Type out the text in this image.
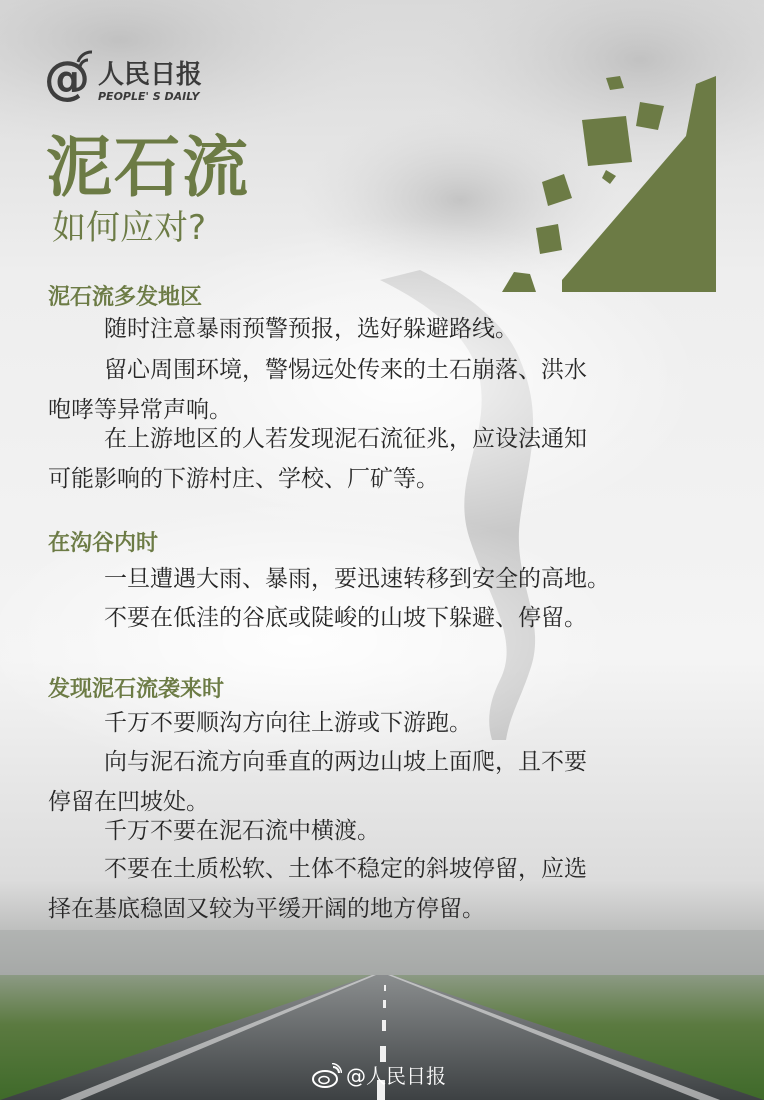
@ 人民日报
PEOPLE' S DAILY
泥石流
如何应对?
泥石流多发地区
随时注意暴雨预警预报，选好躲避路线。
留心周围环境，警惕远处传来的土石崩落、洪水
咆哮等异常声响。
在上游地区的人若发现泥石流征兆，应设法通知
可能影响的下游村庄、学校、厂矿等。
在沟谷内时
一旦遭遇大雨、暴雨，要迅速转移到安全的高地。
不要在低洼的谷底或陡峻的山坡下躲避、停留。
发现泥石流袭来时
千万不要顺沟方向往上游或下游跑。
向与泥石流方向垂直的两边山坡上面爬，且不要
停留在凹坡处。
千万不要在泥石流中横渡。
不要在土质松软、土体不稳定的斜坡停留，应选
择在基底稳固又较为平缓开阔的地方停留。
@人民日报
